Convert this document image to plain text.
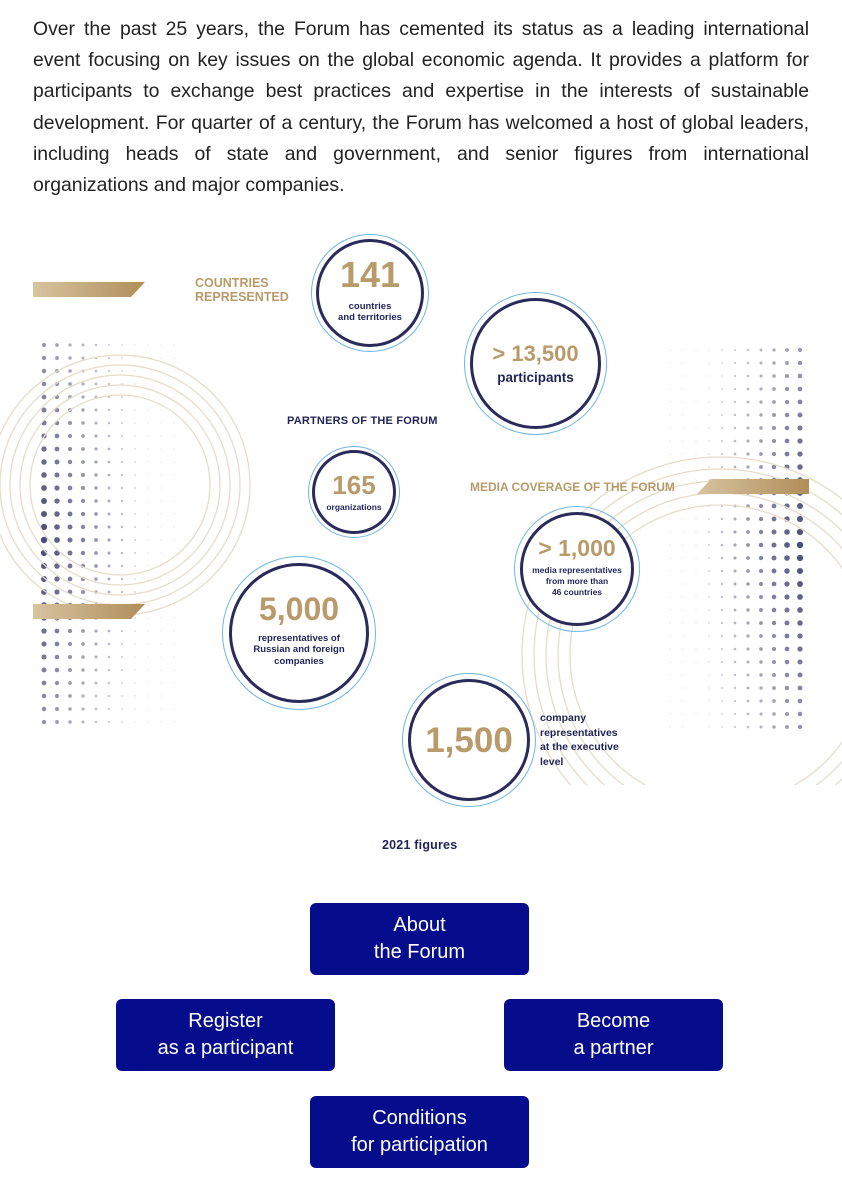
Over the past 25 years, the Forum has cemented its status as a leading international event focusing on key issues on the global economic agenda. It provides a platform for participants to exchange best practices and expertise in the interests of sustainable development. For quarter of a century, the Forum has welcomed a host of global leaders, including heads of state and government, and senior figures from international organizations and major companies.

COUNTRIES
REPRESENTED
141
countries
and territories
> 13,500
participants
PARTNERS OF THE FORUM
165
organizations
MEDIA COVERAGE OF THE FORUM
> 1,000
media representatives
from more than
46 countries
5,000
representatives of
Russian and foreign
companies
1,500
company
representatives
at the executive
level
2021 figures
About
the Forum
Register
as a participant
Become
a partner
Conditions
for participation
